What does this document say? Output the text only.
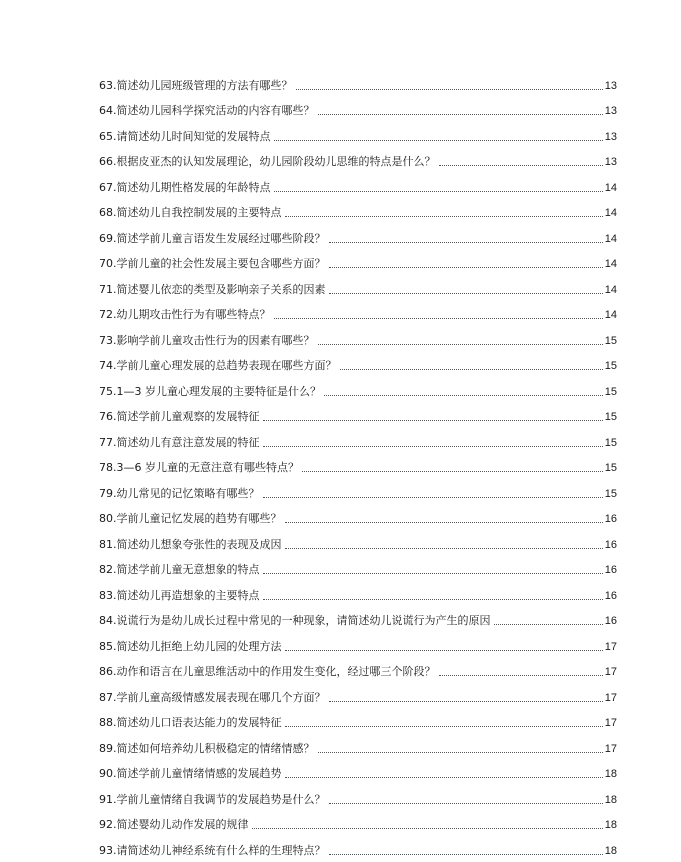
63.简述幼儿园班级管理的方法有哪些？	13
64.简述幼儿园科学探究活动的内容有哪些？	13
65.请简述幼儿时间知觉的发展特点	13
66.根据皮亚杰的认知发展理论，幼儿园阶段幼儿思维的特点是什么？	13
67.简述幼儿期性格发展的年龄特点	14
68.简述幼儿自我控制发展的主要特点	14
69.简述学前儿童言语发生发展经过哪些阶段？	14
70.学前儿童的社会性发展主要包含哪些方面？	14
71.简述婴儿依恋的类型及影响亲子关系的因素	14
72.幼儿期攻击性行为有哪些特点？	14
73.影响学前儿童攻击性行为的因素有哪些？	15
74.学前儿童心理发展的总趋势表现在哪些方面？	15
75.1—3 岁儿童心理发展的主要特征是什么？	15
76.简述学前儿童观察的发展特征	15
77.简述幼儿有意注意发展的特征	15
78.3—6 岁儿童的无意注意有哪些特点？	15
79.幼儿常见的记忆策略有哪些？	15
80.学前儿童记忆发展的趋势有哪些？	16
81.简述幼儿想象夸张性的表现及成因	16
82.简述学前儿童无意想象的特点	16
83.简述幼儿再造想象的主要特点	16
84.说谎行为是幼儿成长过程中常见的一种现象，请简述幼儿说谎行为产生的原因	16
85.简述幼儿拒绝上幼儿园的处理方法	17
86.动作和语言在儿童思维活动中的作用发生变化，经过哪三个阶段？	17
87.学前儿童高级情感发展表现在哪几个方面？	17
88.简述幼儿口语表达能力的发展特征	17
89.简述如何培养幼儿积极稳定的情绪情感？	17
90.简述学前儿童情绪情感的发展趋势	18
91.学前儿童情绪自我调节的发展趋势是什么？	18
92.简述婴幼儿动作发展的规律	18
93.请简述幼儿神经系统有什么样的生理特点？	18
